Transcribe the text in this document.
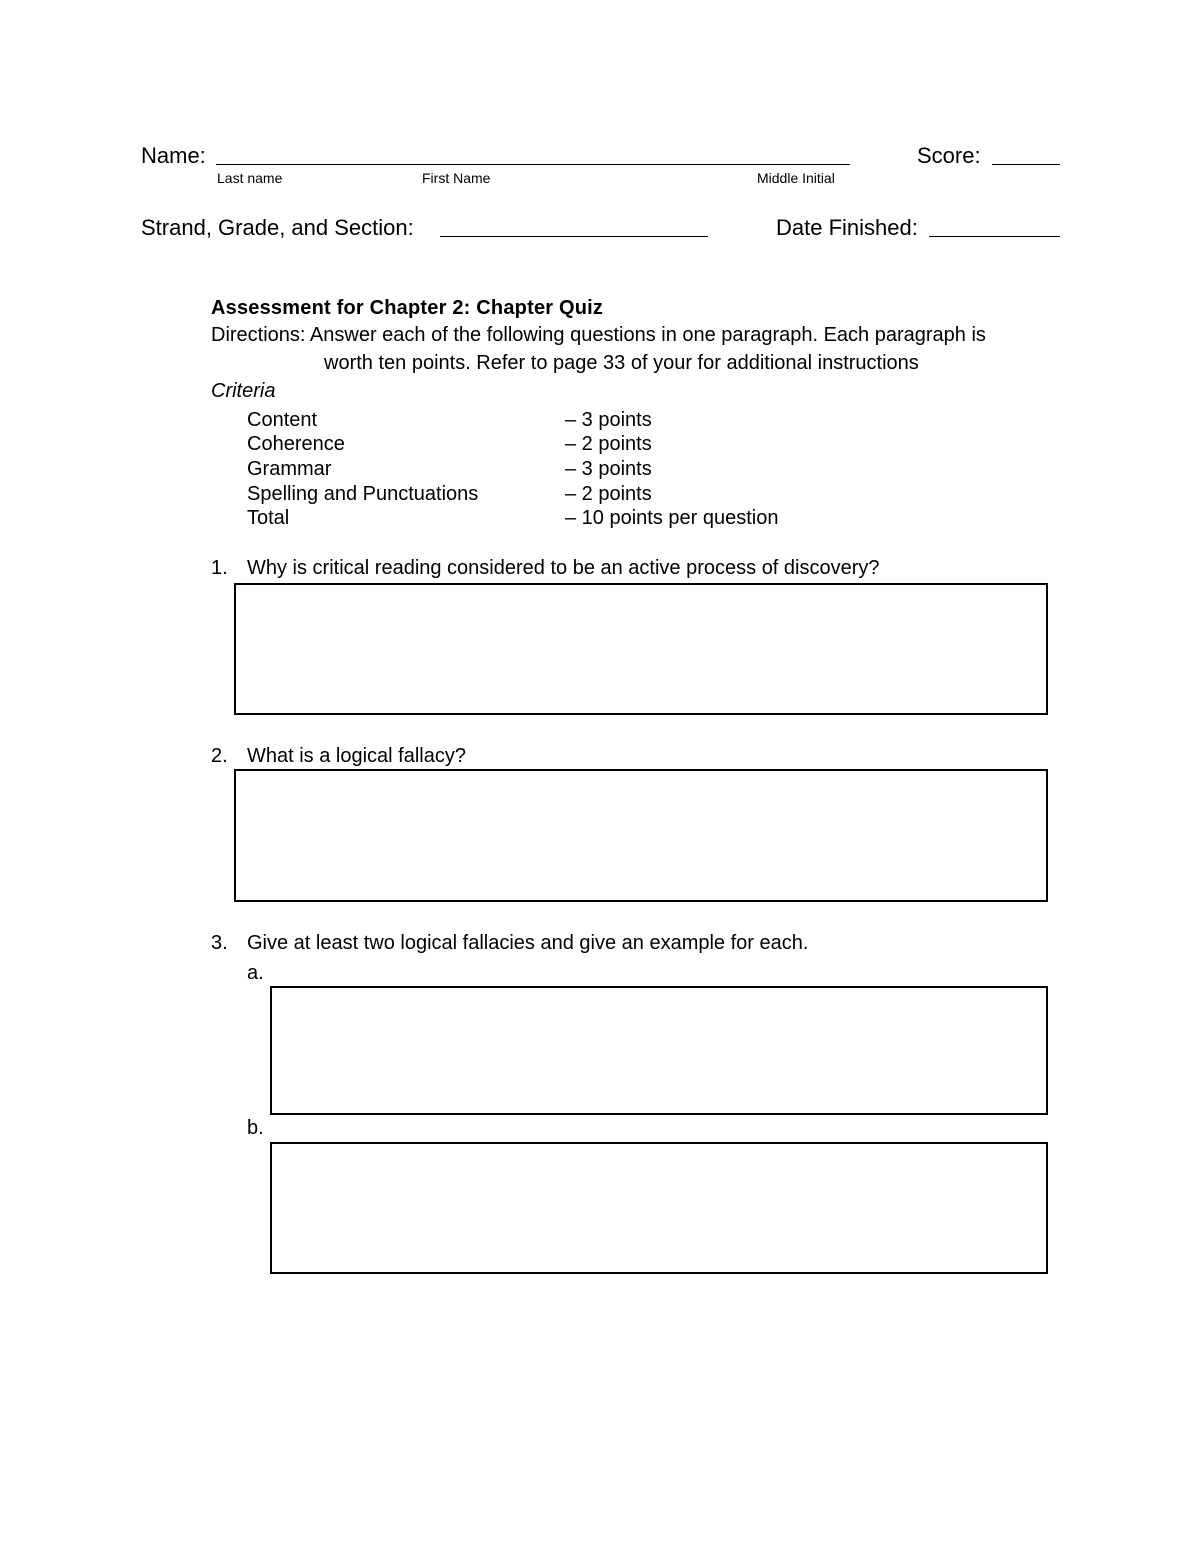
Name:	Score:
Last name	First Name	Middle Initial
Strand, Grade, and Section:	Date Finished:
Assessment for Chapter 2: Chapter Quiz
Directions: Answer each of the following questions in one paragraph. Each paragraph is
worth ten points. Refer to page 33 of your for additional instructions
Criteria
Content	– 3 points
Coherence	– 2 points
Grammar	– 3 points
Spelling and Punctuations	– 2 points
Total	– 10 points per question
1. Why is critical reading considered to be an active process of discovery?
2. What is a logical fallacy?
3. Give at least two logical fallacies and give an example for each.
a.
b.
